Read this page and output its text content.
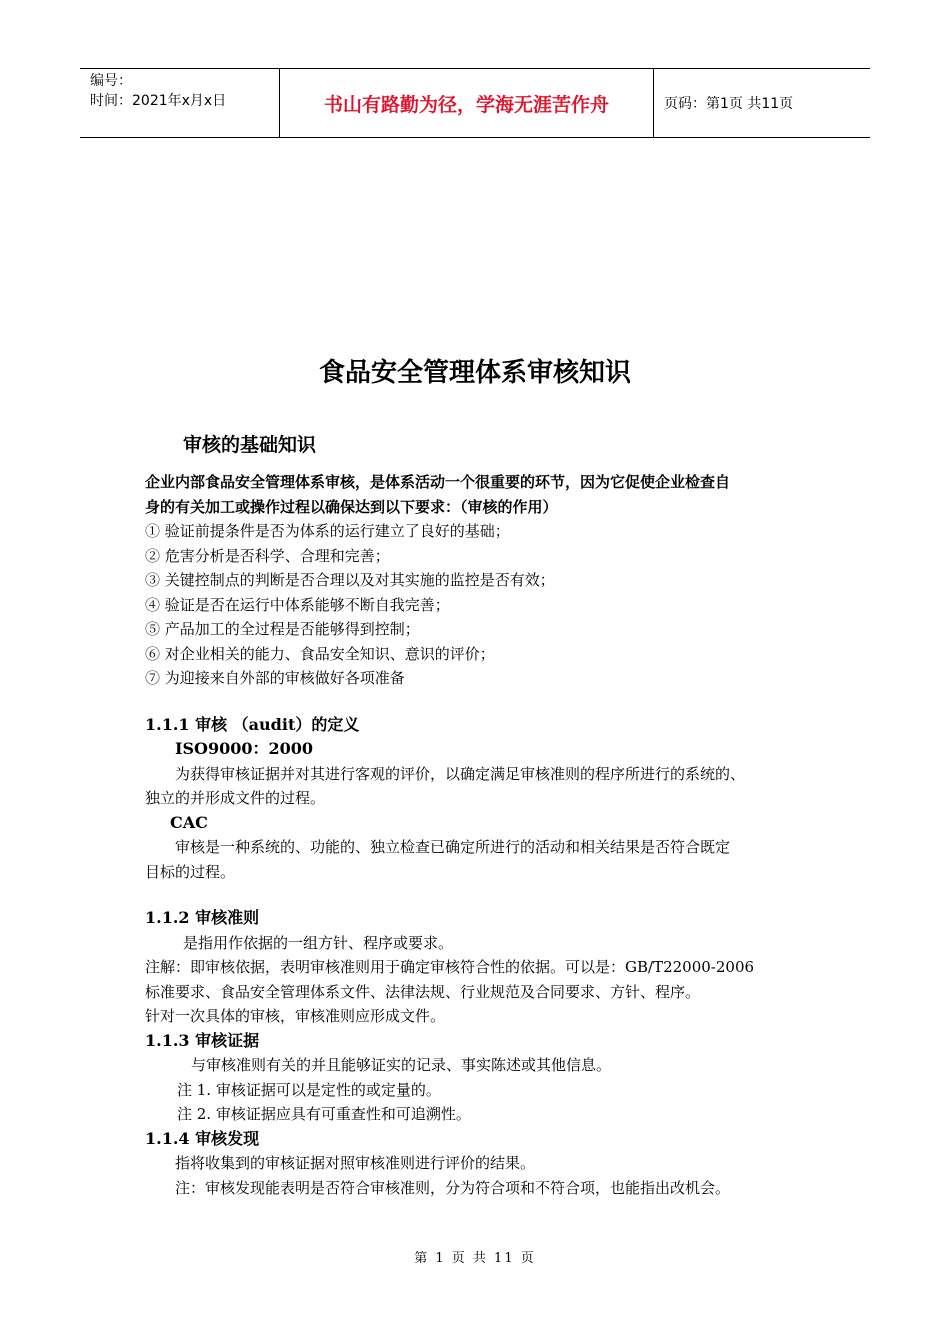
编号：
时间：2021年x月x日	书山有路勤为径，学海无涯苦作舟	页码：第1页 共11页
食品安全管理体系审核知识
审核的基础知识
企业内部食品安全管理体系审核，是体系活动一个很重要的环节，因为它促使企业检查自
身的有关加工或操作过程以确保达到以下要求：（审核的作用）
① 验证前提条件是否为体系的运行建立了良好的基础；
② 危害分析是否科学、合理和完善；
③ 关键控制点的判断是否合理以及对其实施的监控是否有效；
④ 验证是否在运行中体系能够不断自我完善；
⑤ 产品加工的全过程是否能够得到控制；
⑥ 对企业相关的能力、食品安全知识、意识的评价；
⑦ 为迎接来自外部的审核做好各项准备
1.1.1 审核 （audit）的定义
ISO9000：2000
为获得审核证据并对其进行客观的评价，以确定满足审核准则的程序所进行的系统的、
独立的并形成文件的过程。
CAC
审核是一种系统的、功能的、独立检查已确定所进行的活动和相关结果是否符合既定
目标的过程。
1.1.2 审核准则
是指用作依据的一组方针、程序或要求。
注解：即审核依据，表明审核准则用于确定审核符合性的依据。可以是：GB/T22000-2006
标准要求、食品安全管理体系文件、法律法规、行业规范及合同要求、方针、程序。
针对一次具体的审核，审核准则应形成文件。
1.1.3 审核证据
与审核准则有关的并且能够证实的记录、事实陈述或其他信息。
注 1. 审核证据可以是定性的或定量的。
注 2. 审核证据应具有可重查性和可追溯性。
1.1.4 审核发现
指将收集到的审核证据对照审核准则进行评价的结果。
注：审核发现能表明是否符合审核准则，分为符合项和不符合项，也能指出改机会。
第 1 页 共 11 页
